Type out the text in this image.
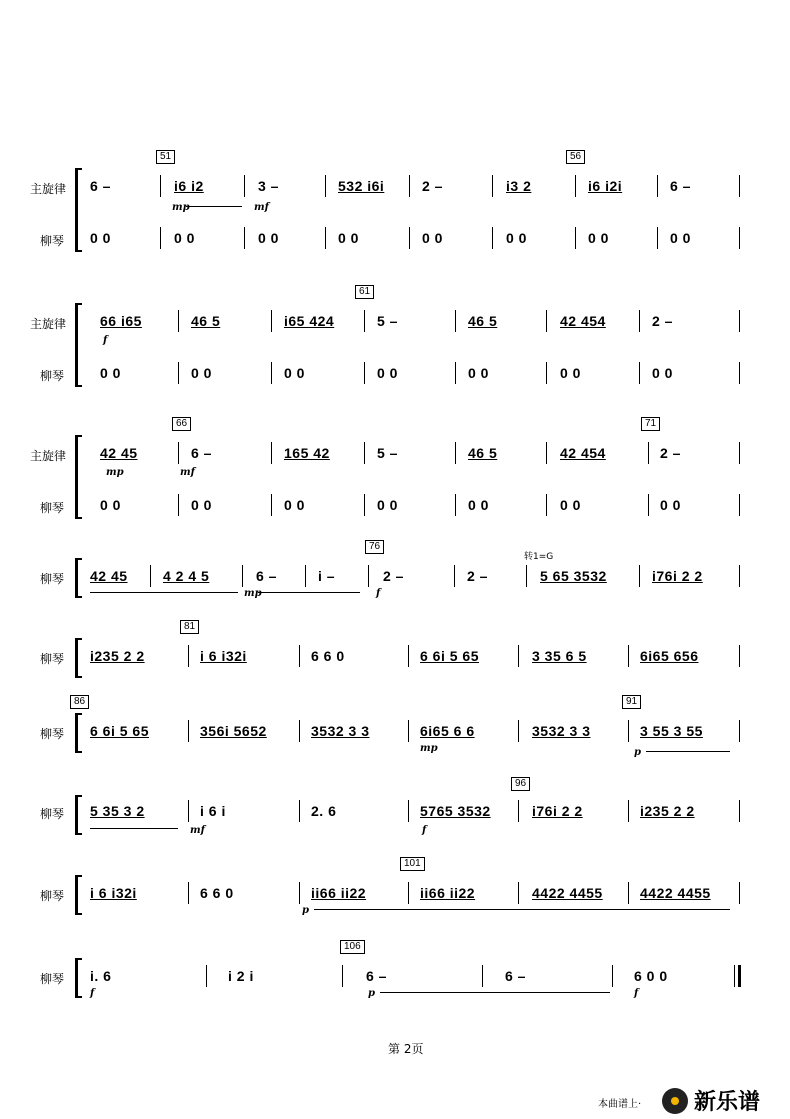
51	56
主旋律
柳琴
6 –	i6 i2	3 –	532 i6i	2 –	i3 2	i6 i2i	6 –
mp	mf
0 0	0 0	0 0	0 0	0 0	0 0	0 0	0 0
61
主旋律
柳琴
66 i65	46 5	i65 424	5 –	46 5	42 454	2 –
f
0 0	0 0	0 0	0 0	0 0	0 0	0 0
66	71
主旋律
柳琴
42 45	6 –	165 42	5 –	46 5	42 454	2 –
mp	mf
0 0	0 0	0 0	0 0	0 0	0 0	0 0
76
转1=G
柳琴 42 45	4 2 4 5	6 –	i –	2 –	2 –	5 65 3532	i76i 2 2
mp	f
81
柳琴 i235 2 2	i 6 i32i	6 6 0	6 6i 5 65	3 35 6 5	6i65 656
86	91
柳琴 6 6i 5 65	356i 5652	3532 3 3	6i65 6 6	3532 3 3	3 55 3 55
mp	p
96
柳琴 5 35 3 2	i 6 i	2. 6	5765 3532	i76i 2 2	i235 2 2
mf	f
101
柳琴 i 6 i32i	6 6 0	ii66 ii22	ii66 ii22	4422 4455	4422 4455
p
106
柳琴 i. 6	i 2 i	6 –	6 –	6 0 0
f	p	f
第 2页
本曲谱上· 新乐谱
